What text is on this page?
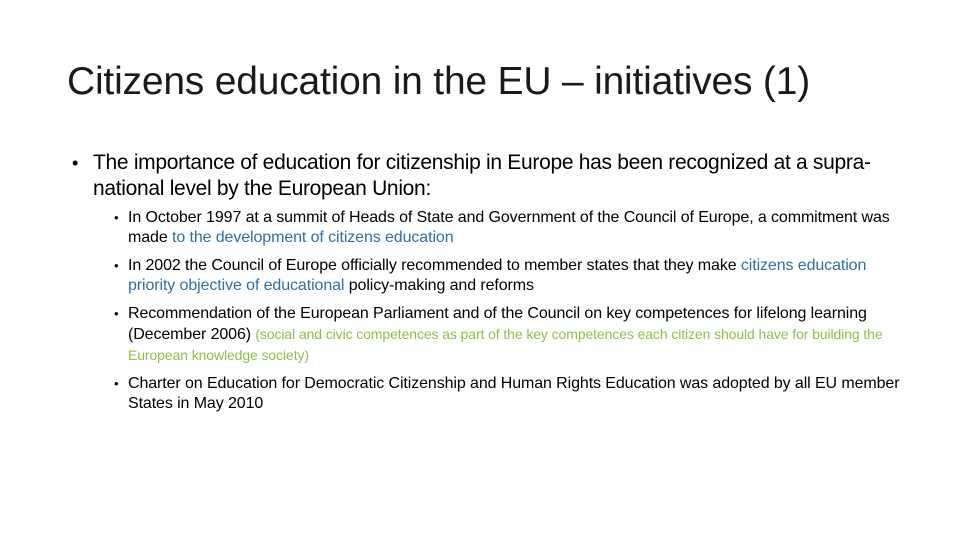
Citizens education in the EU – initiatives (1)
• The importance of education for citizenship in Europe has been recognized at a supra-national level by the European Union:
• In October 1997 at a summit of Heads of State and Government of the Council of Europe, a commitment was made to the development of citizens education
• In 2002 the Council of Europe officially recommended to member states that they make citizens education priority objective of educational policy-making and reforms
• Recommendation of the European Parliament and of the Council on key competences for lifelong learning (December 2006) (social and civic competences as part of the key competences each citizen should have for building the European knowledge society)
• Charter on Education for Democratic Citizenship and Human Rights Education was adopted by all EU member States in May 2010
